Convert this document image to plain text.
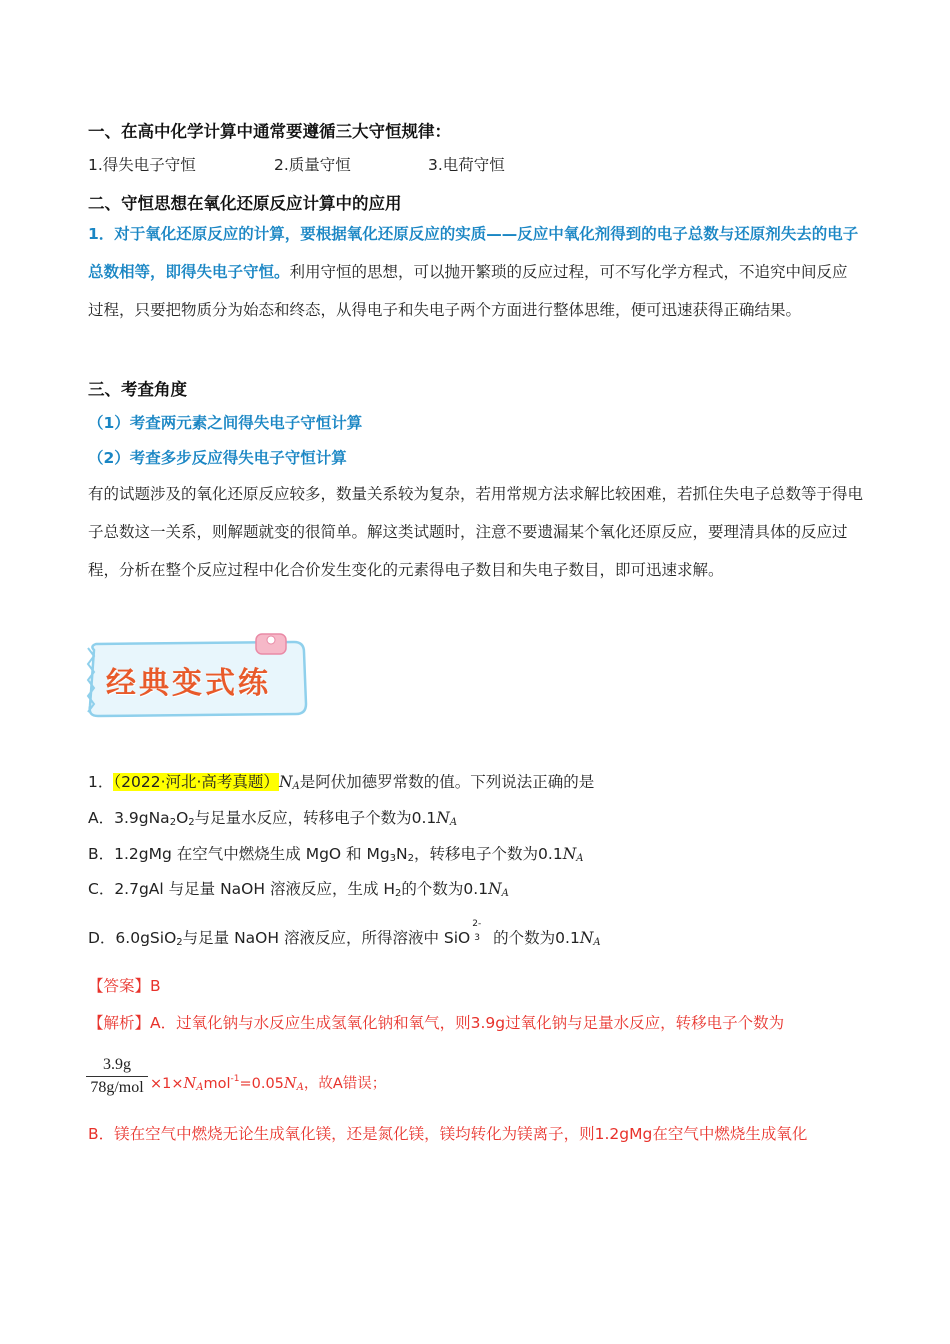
一、在高中化学计算中通常要遵循三大守恒规律：
1.得失电子守恒	2.质量守恒	3.电荷守恒
二、守恒思想在氧化还原反应计算中的应用
1．对于氧化还原反应的计算，要根据氧化还原反应的实质——反应中氧化剂得到的电子总数与还原剂失去的电子总数相等，即得失电子守恒。利用守恒的思想，可以抛开繁琐的反应过程，可不写化学方程式，不追究中间反应过程，只要把物质分为始态和终态，从得电子和失电子两个方面进行整体思维，便可迅速获得正确结果。
三、考查角度
（1）考查两元素之间得失电子守恒计算
（2）考查多步反应得失电子守恒计算
有的试题涉及的氧化还原反应较多，数量关系较为复杂，若用常规方法求解比较困难，若抓住失电子总数等于得电子总数这一关系，则解题就变的很简单。解这类试题时，注意不要遗漏某个氧化还原反应，要理清具体的反应过程，分析在整个反应过程中化合价发生变化的元素得电子数目和失电子数目，即可迅速求解。
经典变式练
1．（2022·河北·高考真题）$N_A$是阿伏加德罗常数的值。下列说法正确的是
A．$3.9gNa_2O_2$与足量水反应，转移电子个数为$0.1N_A$
B．1.2gMg 在空气中燃烧生成 MgO 和 $Mg_3N_2$，转移电子个数为$0.1N_A$
C．2.7gAl 与足量 NaOH 溶液反应，生成 $H_2$的个数为$0.1N_A$
D．6.0gSiO$_2$与足量 NaOH 溶液反应，所得溶液中 SiO
2-
3 的个数为$0.1N_A$
【答案】B
【解析】A．过氧化钠与水反应生成氢氧化钠和氧气，则3.9g过氧化钠与足量水反应，转移电子个数为
3.9g
$78g/mol \times 1\times N_Amol^{-1}=0.05N_A$，故A错误；
B．镁在空气中燃烧无论生成氧化镁，还是氮化镁，镁均转化为镁离子，则1.2gMg在空气中燃烧生成氧化
